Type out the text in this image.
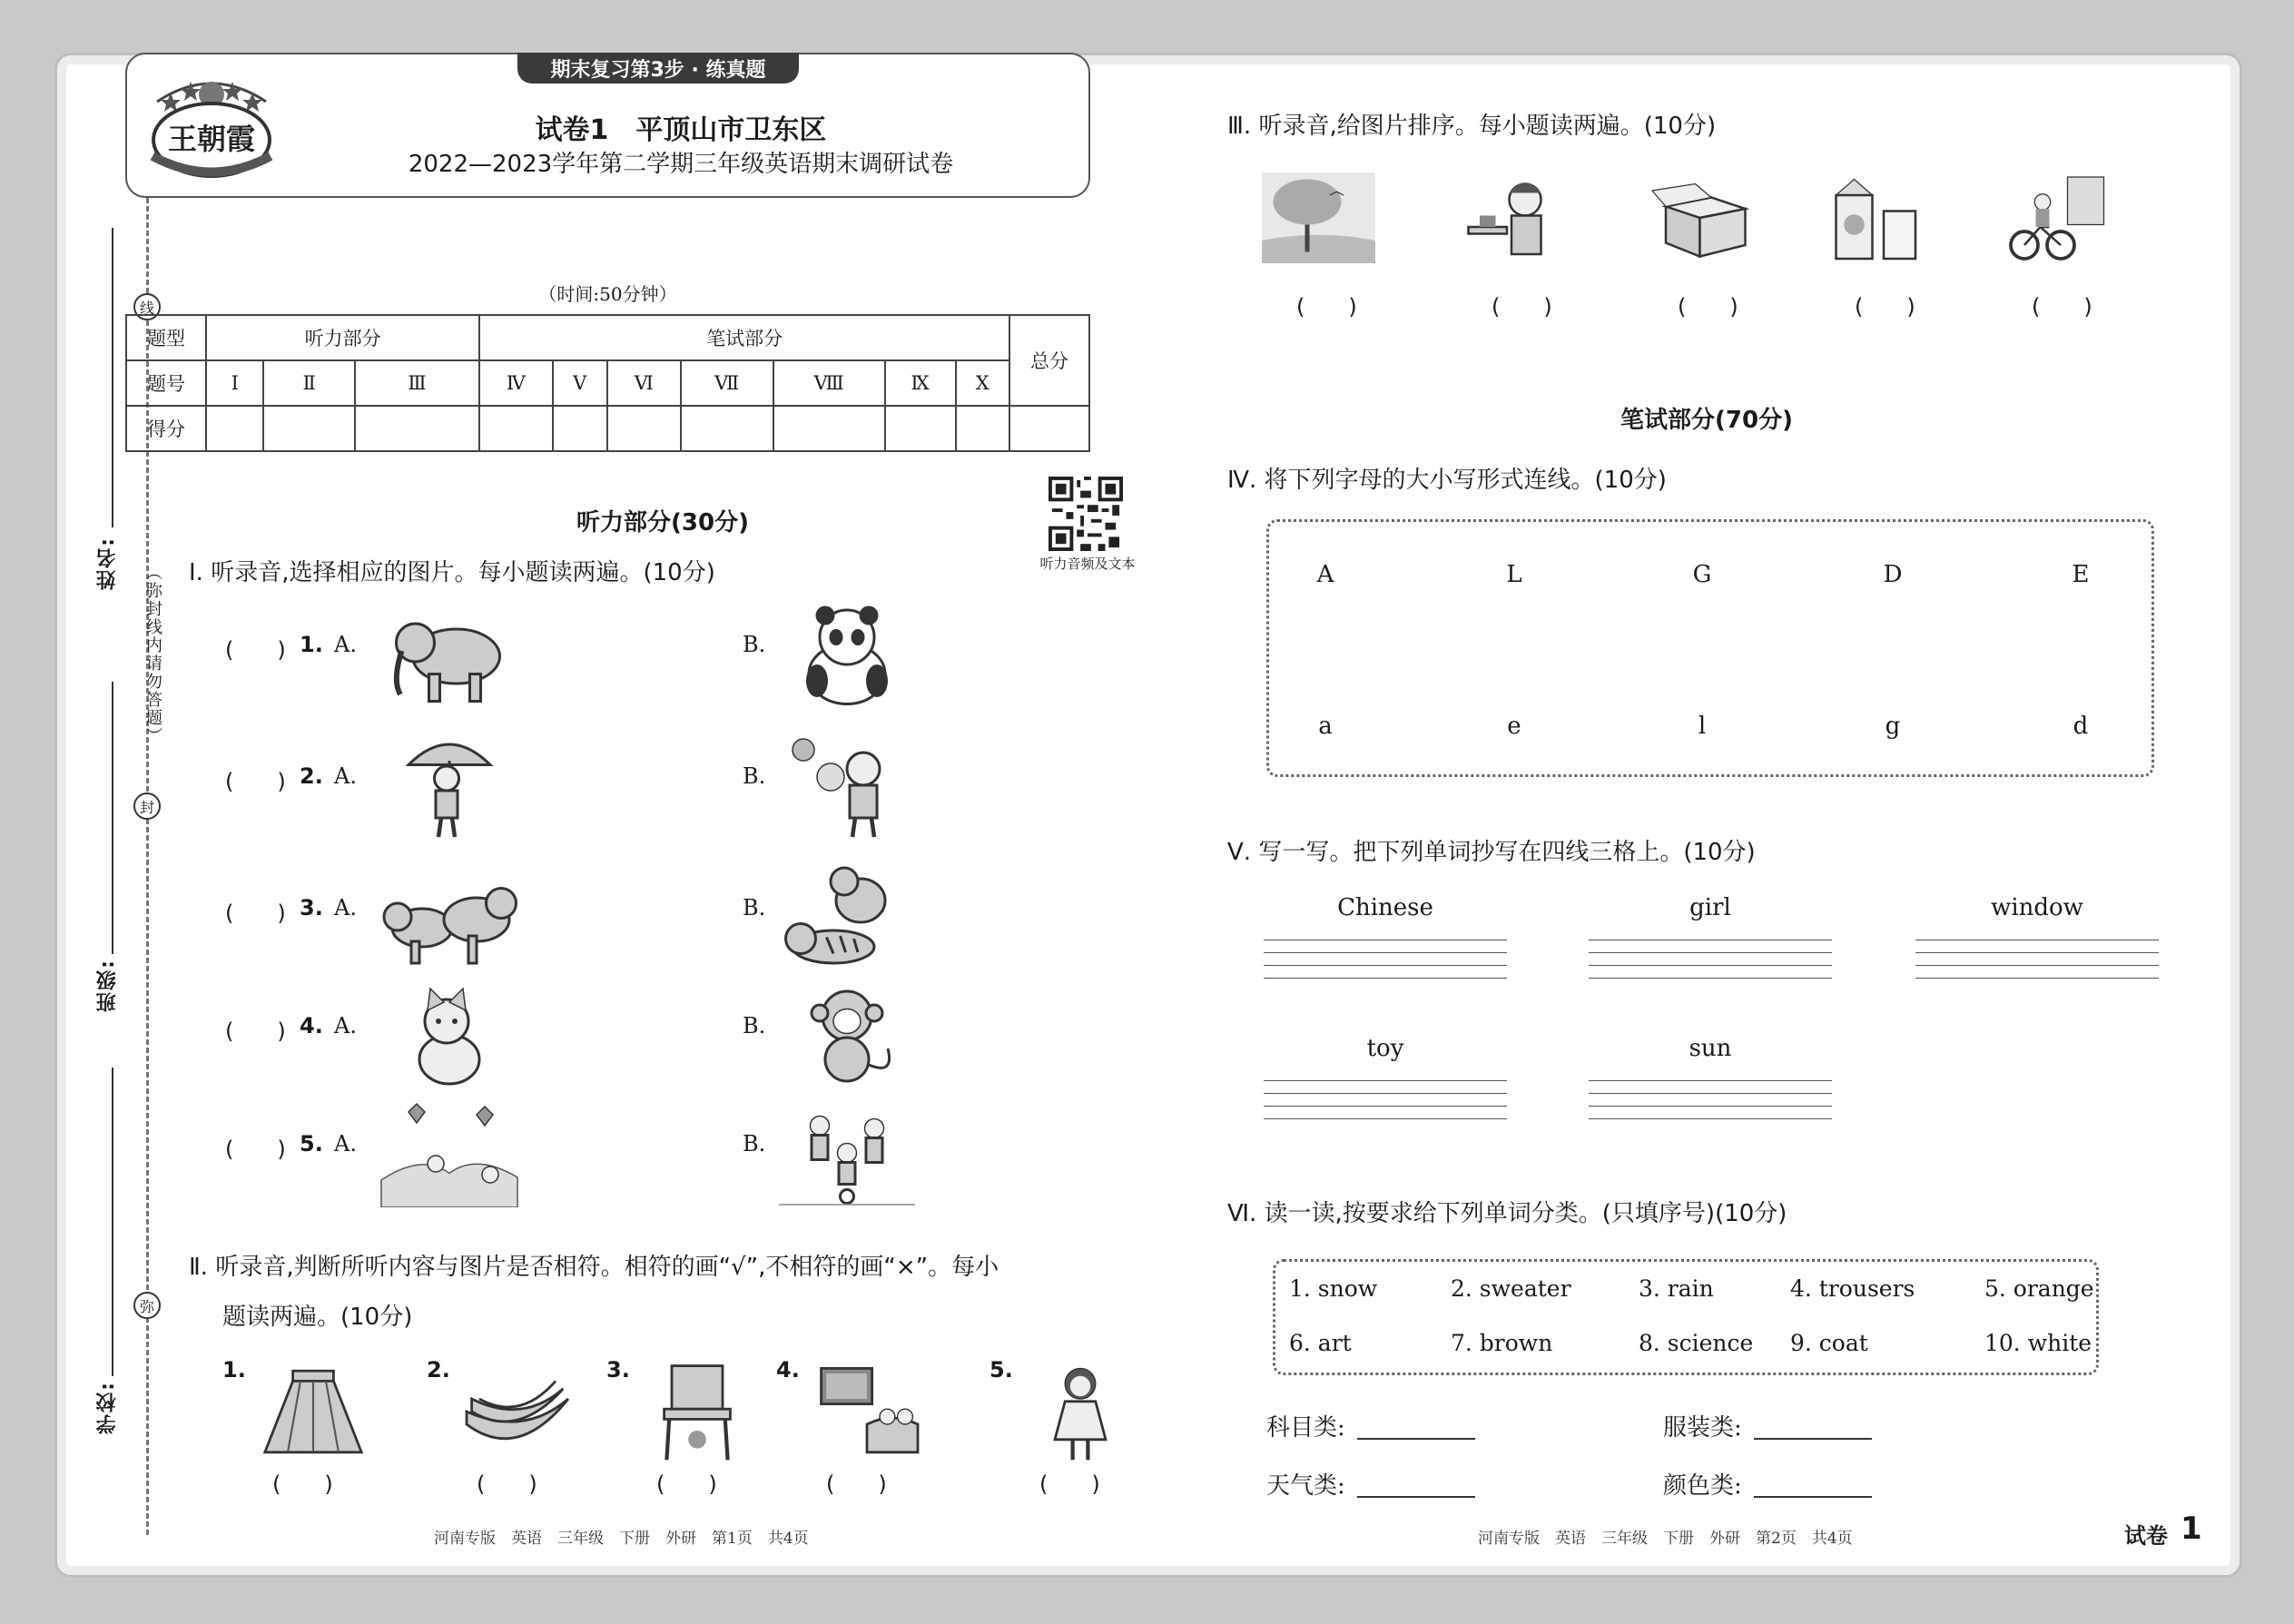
线
封
弥
（弥封线内请勿答题）
姓名:
班级:
学校:
期末复习第3步 · 练真题
王朝霞	试卷1　平顶山市卫东区
2022—2023学年第二学期三年级英语期末调研试卷
（时间:50分钟）
题型	听力部分			笔试部分							总分
题号	Ⅰ	Ⅱ	Ⅲ	Ⅳ	Ⅴ	Ⅵ	Ⅶ	Ⅷ	Ⅸ	Ⅹ	
得分											
听力音频及文本
听力部分(30分)
Ⅰ. 听录音,选择相应的图片。每小题读两遍。(10分)
(　　) 1. A.	B.
(　　) 2. A.	B.
(　　) 3. A.	B.
(　　) 4. A.	B.
(　　) 5. A.	B.
Ⅱ. 听录音,判断所听内容与图片是否相符。相符的画“√”,不相符的画“×”。每小
题读两遍。(10分)
1.
(　　)
2.
(　　)
3.
(　　)
4.
(　　)
5.
(　　)
Ⅲ. 听录音,给图片排序。每小题读两遍。(10分)
(　　)	(　　)	(　　)	(　　)	(　　)
笔试部分(70分)
Ⅳ. 将下列字母的大小写形式连线。(10分)
A	L	G	D	E
a	e	l	g	d
Ⅴ. 写一写。把下列单词抄写在四线三格上。(10分)
Chinese	girl	window
toy	sun
Ⅵ. 读一读,按要求给下列单词分类。(只填序号)(10分)
1. snow	2. sweater	3. rain	4. trousers	5. orange
6. art	7. brown	8. science 9. coat	10. white
科目类:	服装类:
天气类:	颜色类:
河南专版　英语　三年级　下册　外研　第1页　共4页	河南专版　英语　三年级　下册　外研　第2页　共4页	试卷 1
